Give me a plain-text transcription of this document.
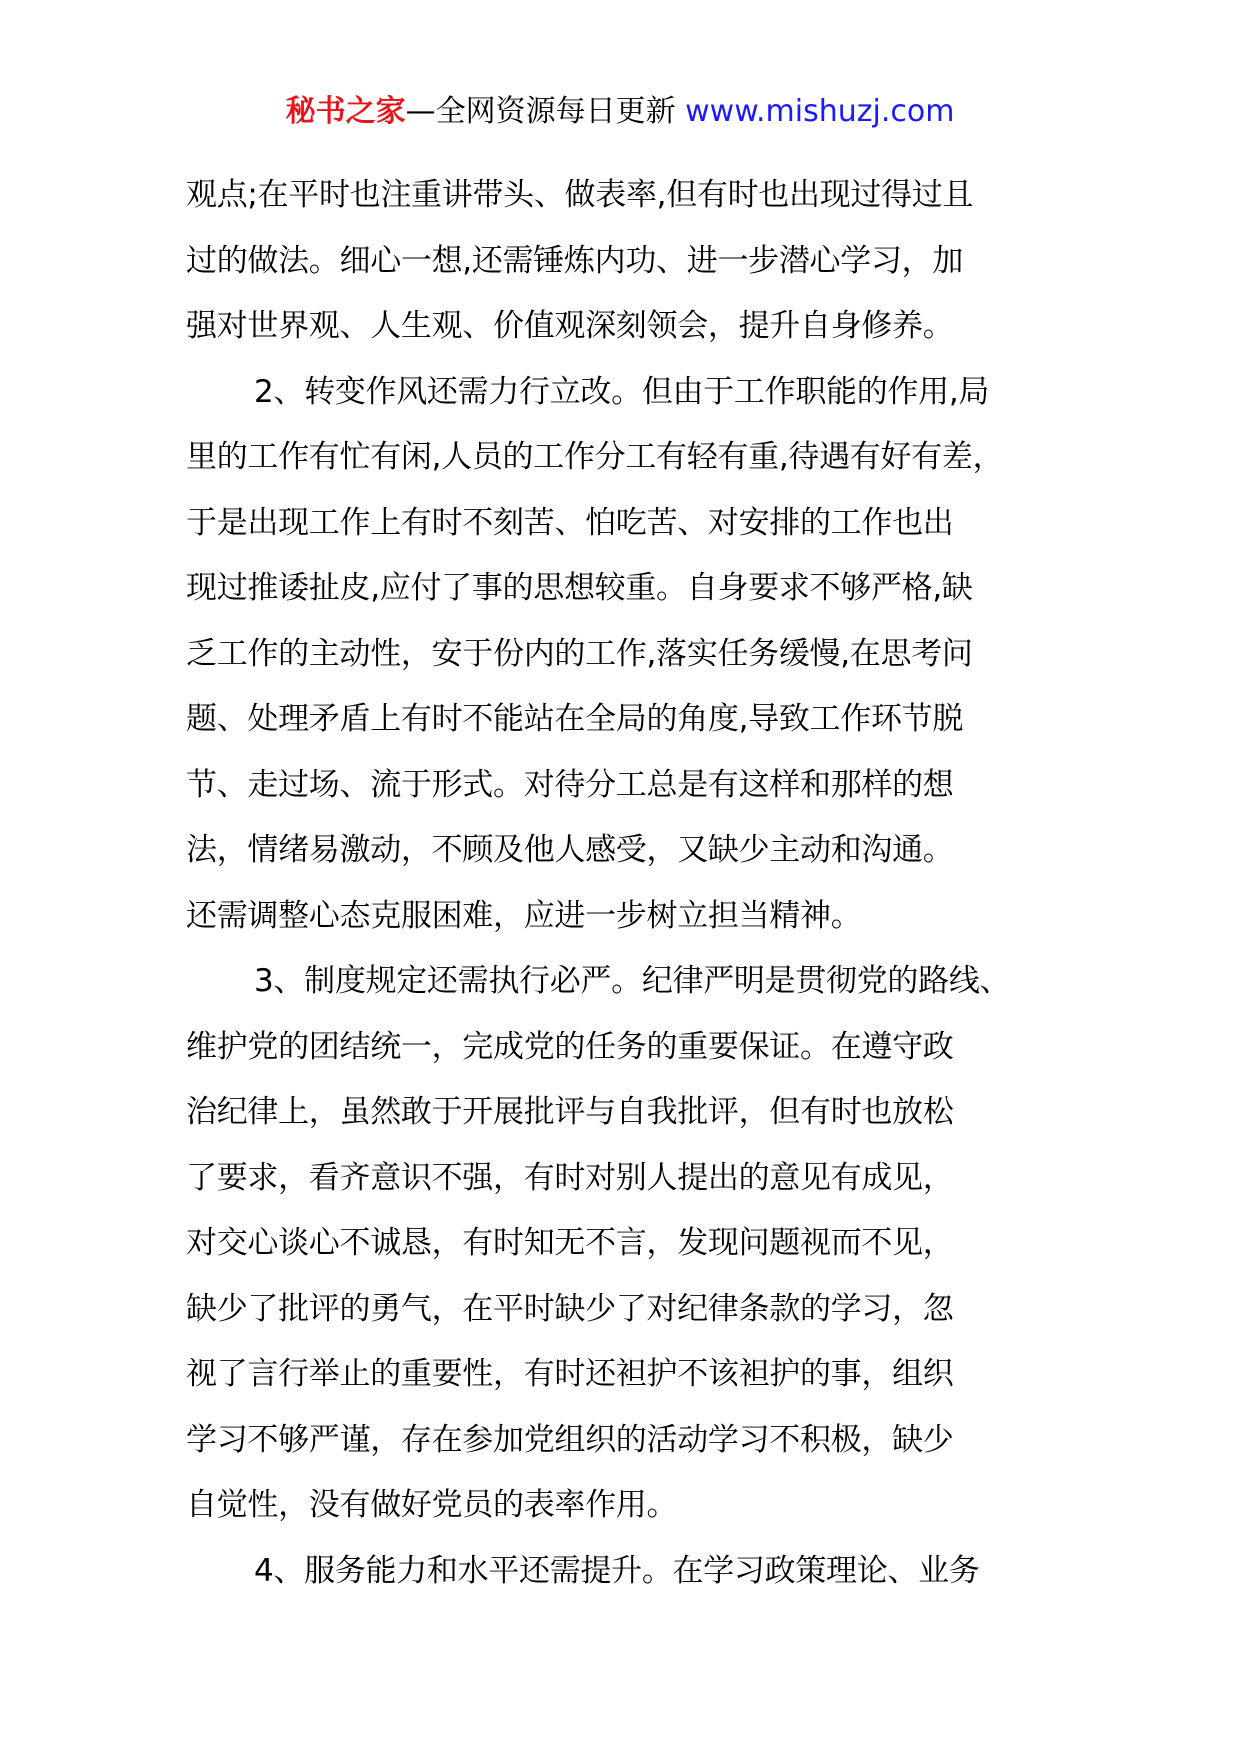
秘书之家—全网资源每日更新 www.mishuzj.com
观点;在平时也注重讲带头、做表率,但有时也出现过得过且
过的做法。细心一想,还需锤炼内功、进一步潜心学习，加
强对世界观、人生观、价值观深刻领会，提升自身修养。
2、转变作风还需力行立改。但由于工作职能的作用,局
里的工作有忙有闲,人员的工作分工有轻有重,待遇有好有差，
于是出现工作上有时不刻苦、怕吃苦、对安排的工作也出
现过推诿扯皮,应付了事的思想较重。自身要求不够严格,缺
乏工作的主动性，安于份内的工作,落实任务缓慢,在思考问
题、处理矛盾上有时不能站在全局的角度,导致工作环节脱
节、走过场、流于形式。对待分工总是有这样和那样的想
法，情绪易激动，不顾及他人感受，又缺少主动和沟通。
还需调整心态克服困难，应进一步树立担当精神。
3、制度规定还需执行必严。纪律严明是贯彻党的路线、
维护党的团结统一，完成党的任务的重要保证。在遵守政
治纪律上，虽然敢于开展批评与自我批评，但有时也放松
了要求，看齐意识不强，有时对别人提出的意见有成见，
对交心谈心不诚恳，有时知无不言，发现问题视而不见，
缺少了批评的勇气，在平时缺少了对纪律条款的学习，忽
视了言行举止的重要性，有时还袒护不该袒护的事，组织
学习不够严谨，存在参加党组织的活动学习不积极，缺少
自觉性，没有做好党员的表率作用。
4、服务能力和水平还需提升。在学习政策理论、业务
